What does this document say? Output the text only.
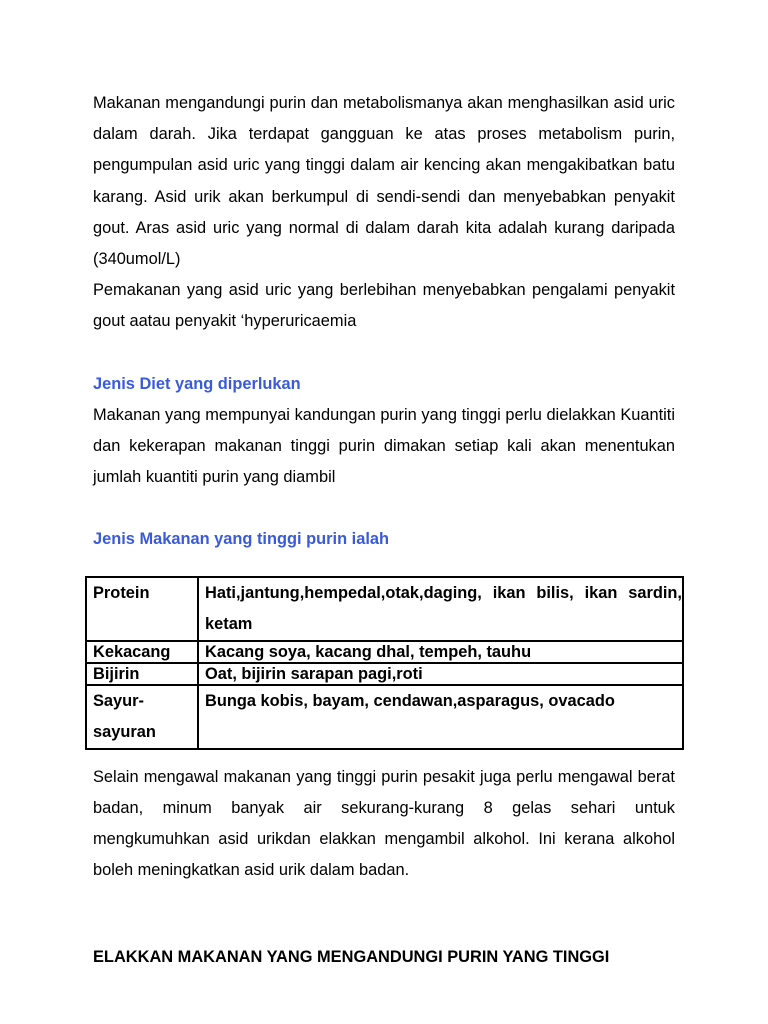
Makanan mengandungi purin dan metabolismanya akan menghasilkan asid uric dalam darah. Jika terdapat gangguan ke atas proses metabolism purin, pengumpulan asid uric yang tinggi dalam air kencing akan mengakibatkan batu karang. Asid urik akan berkumpul di sendi-sendi dan menyebabkan penyakit gout. Aras asid uric yang normal di dalam darah kita adalah kurang daripada (340umol/L)

Pemakanan yang asid uric yang berlebihan menyebabkan pengalami penyakit gout aatau penyakit ‘hyperuricaemia

Jenis Diet yang diperlukan

Makanan yang mempunyai kandungan purin yang tinggi perlu dielakkan Kuantiti dan kekerapan makanan tinggi purin dimakan setiap kali akan menentukan jumlah kuantiti purin yang diambil

Jenis Makanan yang tinggi purin ialah

Protein	Hati,jantung,hempedal,otak,daging, ikan bilis, ikan sardin, ketam
Kekacang	Kacang soya, kacang dhal, tempeh, tauhu
Bijirin	Oat, bijirin sarapan pagi,roti
Sayur-sayuran	Bunga kobis, bayam, cendawan,asparagus, ovacado

Selain mengawal makanan yang tinggi purin pesakit juga perlu mengawal berat badan, minum banyak air sekurang-kurang 8 gelas sehari untuk mengkumuhkan asid urikdan elakkan mengambil alkohol. Ini kerana alkohol boleh meningkatkan asid urik dalam badan.

ELAKKAN MAKANAN YANG MENGANDUNGI PURIN YANG TINGGI
